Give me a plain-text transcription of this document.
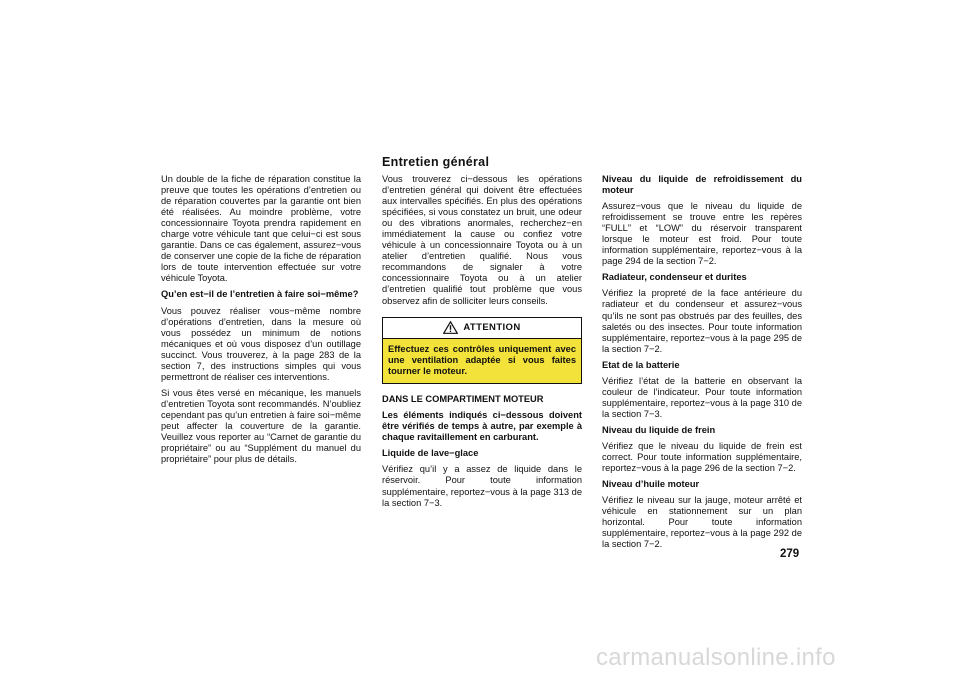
Entretien général

Un double de la fiche de réparation constitue la preuve que toutes les opérations d’entretien ou de réparation couvertes par la garantie ont bien été réalisées. Au moindre problème, votre concessionnaire Toyota prendra rapidement en charge votre véhicule tant que celui−ci est sous garantie. Dans ce cas également, assurez−vous de conserver une copie de la fiche de réparation lors de toute intervention effectuée sur votre véhicule Toyota.

Qu’en est−il de l’entretien à faire soi−même?

Vous pouvez réaliser vous−même nombre d’opérations d’entretien, dans la mesure où vous possédez un minimum de notions mécaniques et où vous disposez d’un outillage succinct. Vous trouverez, à la page 283 de la section 7, des instructions simples qui vous permettront de réaliser ces interventions.

Si vous êtes versé en mécanique, les manuels d’entretien Toyota sont recommandés. N’oubliez cependant pas qu’un entretien à faire soi−même peut affecter la couverture de la garantie. Veuillez vous reporter au “Carnet de garantie du propriétaire” ou au “Supplément du manuel du propriétaire” pour plus de détails.

Vous trouverez ci−dessous les opérations d’entretien général qui doivent être effectuées aux intervalles spécifiés. En plus des opérations spécifiées, si vous constatez un bruit, une odeur ou des vibrations anormales, recherchez−en immédiatement la cause ou confiez votre véhicule à un concessionnaire Toyota ou à un atelier d’entretien qualifié. Nous vous recommandons de signaler à votre concessionnaire Toyota ou à un atelier d’entretien qualifié tout problème que vous observez afin de solliciter leurs conseils.

ATTENTION
Effectuez ces contrôles uniquement avec une ventilation adaptée si vous faites tourner le moteur.

DANS LE COMPARTIMENT MOTEUR

Les éléments indiqués ci−dessous doivent être vérifiés de temps à autre, par exemple à chaque ravitaillement en carburant.

Liquide de lave−glace

Vérifiez qu’il y a assez de liquide dans le réservoir. Pour toute information supplémentaire, reportez−vous à la page 313 de la section 7−3.

Niveau du liquide de refroidissement du moteur

Assurez−vous que le niveau du liquide de refroidissement se trouve entre les repères “FULL” et “LOW” du réservoir transparent lorsque le moteur est froid. Pour toute information supplémentaire, reportez−vous à la page 294 de la section 7−2.

Radiateur, condenseur et durites

Vérifiez la propreté de la face antérieure du radiateur et du condenseur et assurez−vous qu’ils ne sont pas obstrués par des feuilles, des saletés ou des insectes. Pour toute information supplémentaire, reportez−vous à la page 295 de la section 7−2.

Etat de la batterie

Vérifiez l’état de la batterie en observant la couleur de l’indicateur. Pour toute information supplémentaire, reportez−vous à la page 310 de la section 7−3.

Niveau du liquide de frein

Vérifiez que le niveau du liquide de frein est correct. Pour toute information supplémentaire, reportez−vous à la page 296 de la section 7−2.

Niveau d’huile moteur

Vérifiez le niveau sur la jauge, moteur arrêté et véhicule en stationnement sur un plan horizontal. Pour toute information supplémentaire, reportez−vous à la page 292 de la section 7−2.

279
carmanualsonline.info
